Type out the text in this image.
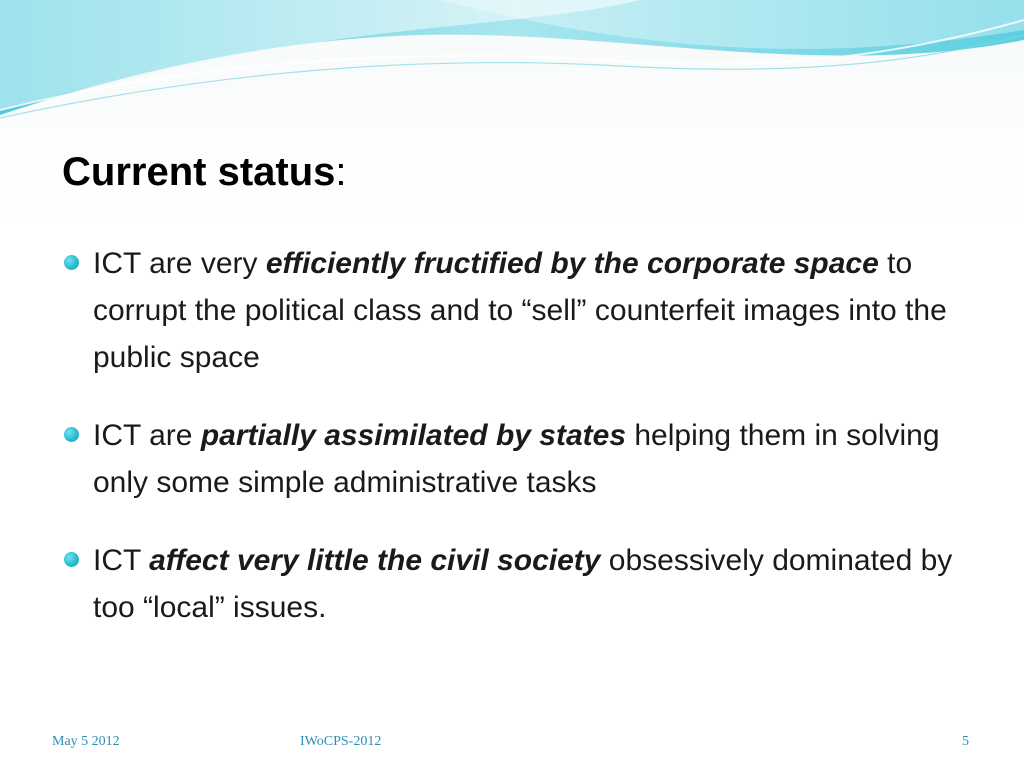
Current status:
ICT are very efficiently fructified by the corporate space to corrupt the political class and to “sell” counterfeit images into the public space
ICT are partially assimilated by states helping them in solving only some simple administrative tasks
ICT affect very little the civil society obsessively dominated by too “local” issues.
May 5 2012	IWoCPS-2012	5
